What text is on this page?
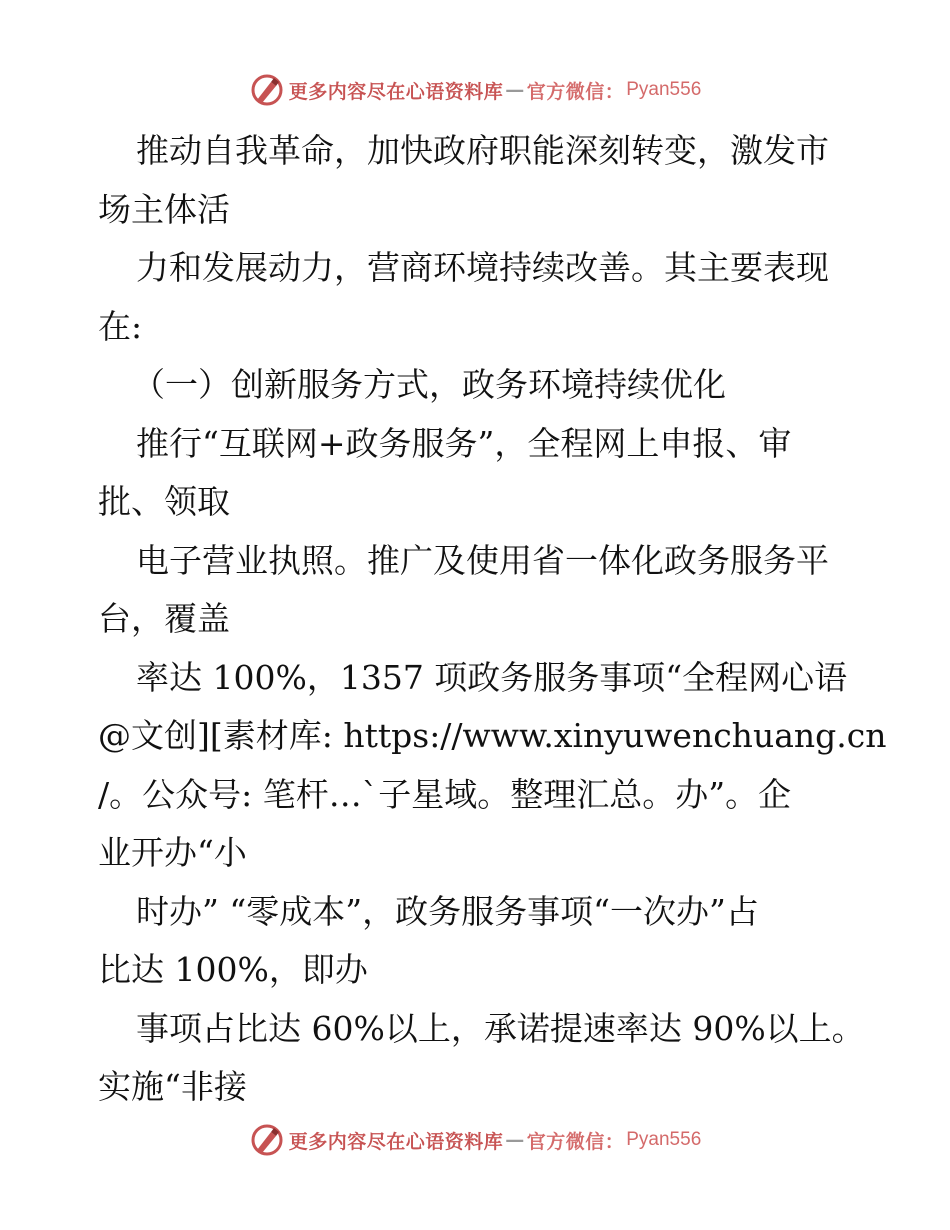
更多内容尽在心语资料库 — 官方微信： Pyan556
推动自我革命，加快政府职能深刻转变，激发市
场主体活
力和发展动力，营商环境持续改善。其主要表现
在:
（一）创新服务方式，政务环境持续优化
推行“互联网+政务服务”，全程网上申报、审
批、领取
电子营业执照。推广及使用省一体化政务服务平
台，覆盖
率达 100%，1357 项政务服务事项“全程网心语
@文创][素材库: https://www.xinyuwenchuang.cn
/。公众号: 笔杆…`子星域。整理汇总。办”。企
业开办“小
时办” “零成本”，政务服务事项“一次办”占
比达 100%，即办
事项占比达 60%以上，承诺提速率达 90%以上。
实施“非接
更多内容尽在心语资料库 — 官方微信： Pyan556
